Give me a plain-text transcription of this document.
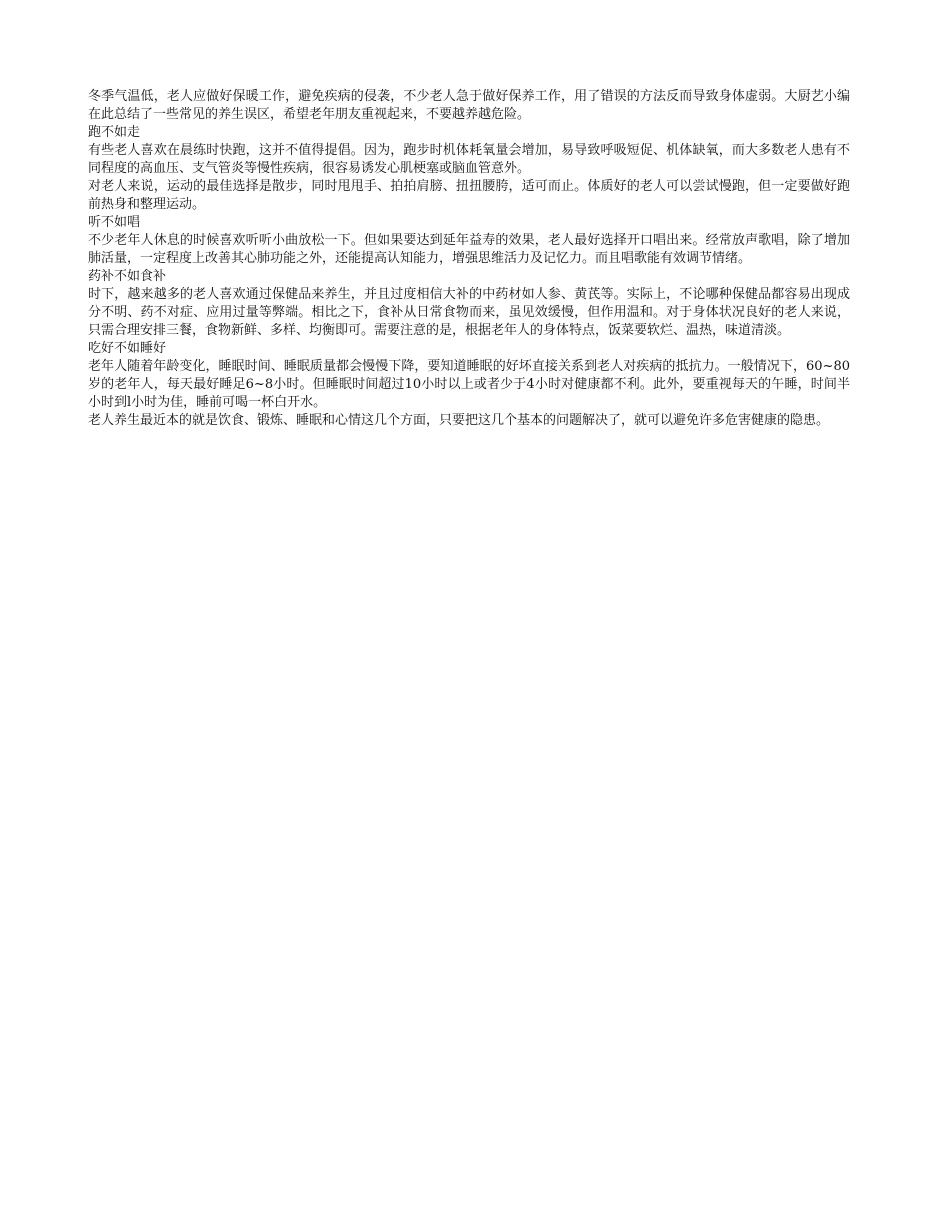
冬季气温低，老人应做好保暖工作，避免疾病的侵袭，不少老人急于做好保养工作，用了错误的方法反而导致身体虚弱。大厨艺小编在此总结了一些常见的养生误区，希望老年朋友重视起来，不要越养越危险。

跑不如走

有些老人喜欢在晨练时快跑，这并不值得提倡。因为，跑步时机体耗氧量会增加，易导致呼吸短促、机体缺氧，而大多数老人患有不同程度的高血压、支气管炎等慢性疾病，很容易诱发心肌梗塞或脑血管意外。

对老人来说，运动的最佳选择是散步，同时甩甩手、拍拍肩膀、扭扭腰胯，适可而止。体质好的老人可以尝试慢跑，但一定要做好跑前热身和整理运动。

听不如唱

不少老年人休息的时候喜欢听听小曲放松一下。但如果要达到延年益寿的效果，老人最好选择开口唱出来。经常放声歌唱，除了增加肺活量，一定程度上改善其心肺功能之外，还能提高认知能力，增强思维活力及记忆力。而且唱歌能有效调节情绪。

药补不如食补

时下，越来越多的老人喜欢通过保健品来养生，并且过度相信大补的中药材如人参、黄芪等。实际上，不论哪种保健品都容易出现成分不明、药不对症、应用过量等弊端。相比之下，食补从日常食物而来，虽见效缓慢，但作用温和。对于身体状况良好的老人来说，只需合理安排三餐，食物新鲜、多样、均衡即可。需要注意的是，根据老年人的身体特点，饭菜要软烂、温热，味道清淡。

吃好不如睡好

老年人随着年龄变化，睡眠时间、睡眠质量都会慢慢下降，要知道睡眠的好坏直接关系到老人对疾病的抵抗力。一般情况下，60~80岁的老年人，每天最好睡足6~8小时。但睡眠时间超过10小时以上或者少于4小时对健康都不利。此外，要重视每天的午睡，时间半小时到l小时为佳，睡前可喝一杯白开水。

老人养生最近本的就是饮食、锻炼、睡眠和心情这几个方面，只要把这几个基本的问题解决了，就可以避免许多危害健康的隐患。
